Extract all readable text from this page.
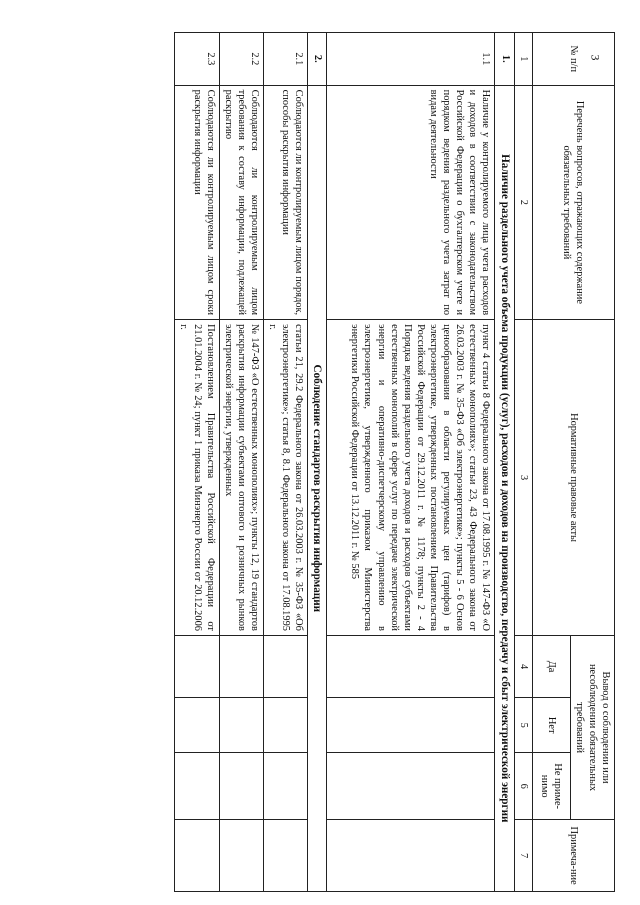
3
№ п/п	Перечень вопросов, отражающих содержание обязательных требований	Нормативные правовые акты	Вывод о соблюдении или несоблюдении обязательных требований			Примеча-ние
			Да	Нет	Не приме-нимо	
1	2	3	4	5	6	7
1.	Наличие раздельного учета объема продукции (услуг), расходов и доходов на производство, передачу и сбыт электрической энергии					
1.1	Наличие у контролируемого лица учета расходов и доходов в соответствии с законодательством Российской Федерации о бухгалтерском учете и порядком ведения раздельного учета затрат по видам деятельности	пункт 4 статьи 8 Федерального закона от 17.08.1995 г. № 147-ФЗ «О естественных монополиях»; статьи 23, 43 Федерального закона от 26.03.2003 г. № 35-ФЗ «Об электроэнергетике»; пункты 5 - 6 Основ ценообразования в области регулируемых цен (тарифов) в электроэнергетике, утвержденных постановлением Правительства Российской Федерации от 29.12.2011 г. № 1178; пункты 2 - 4 Порядка ведения раздельного учета доходов и расходов субъектами естественных монополий в сфере услуг по передаче электрической энергии и оперативно-диспетчерскому управлению в электроэнергетике, утвержденного приказом Министерства энергетики Российской Федерации от 13.12.2011 г. № 585				
2.	Соблюдение стандартов раскрытия информации					
2.1	Соблюдаются ли контролируемым лицом порядок, способы раскрытия информации	статьи 21, 29.2 Федерального закона от 26.03.2003 г. № 35-ФЗ «Об электроэнергетике»; статья 8, 8.1 Федерального закона от 17.08.1995 г.				
2.2	Соблюдаются ли контролируемым лицом требования к составу информации, подлежащей раскрытию	№ 147-ФЗ «О естественных монополиях»; пункты 12, 19 стандартов раскрытия информации субъектами оптового и розничных рынков электрической энергии, утвержденных				
2.3	Соблюдаются ли контролируемым лицом сроки раскрытия информации	Постановлением Правительства Российской Федерации от 21.01.2004 г. № 24; пункт 1 приказа Минэнерго России от 20.12.2006 г.				
